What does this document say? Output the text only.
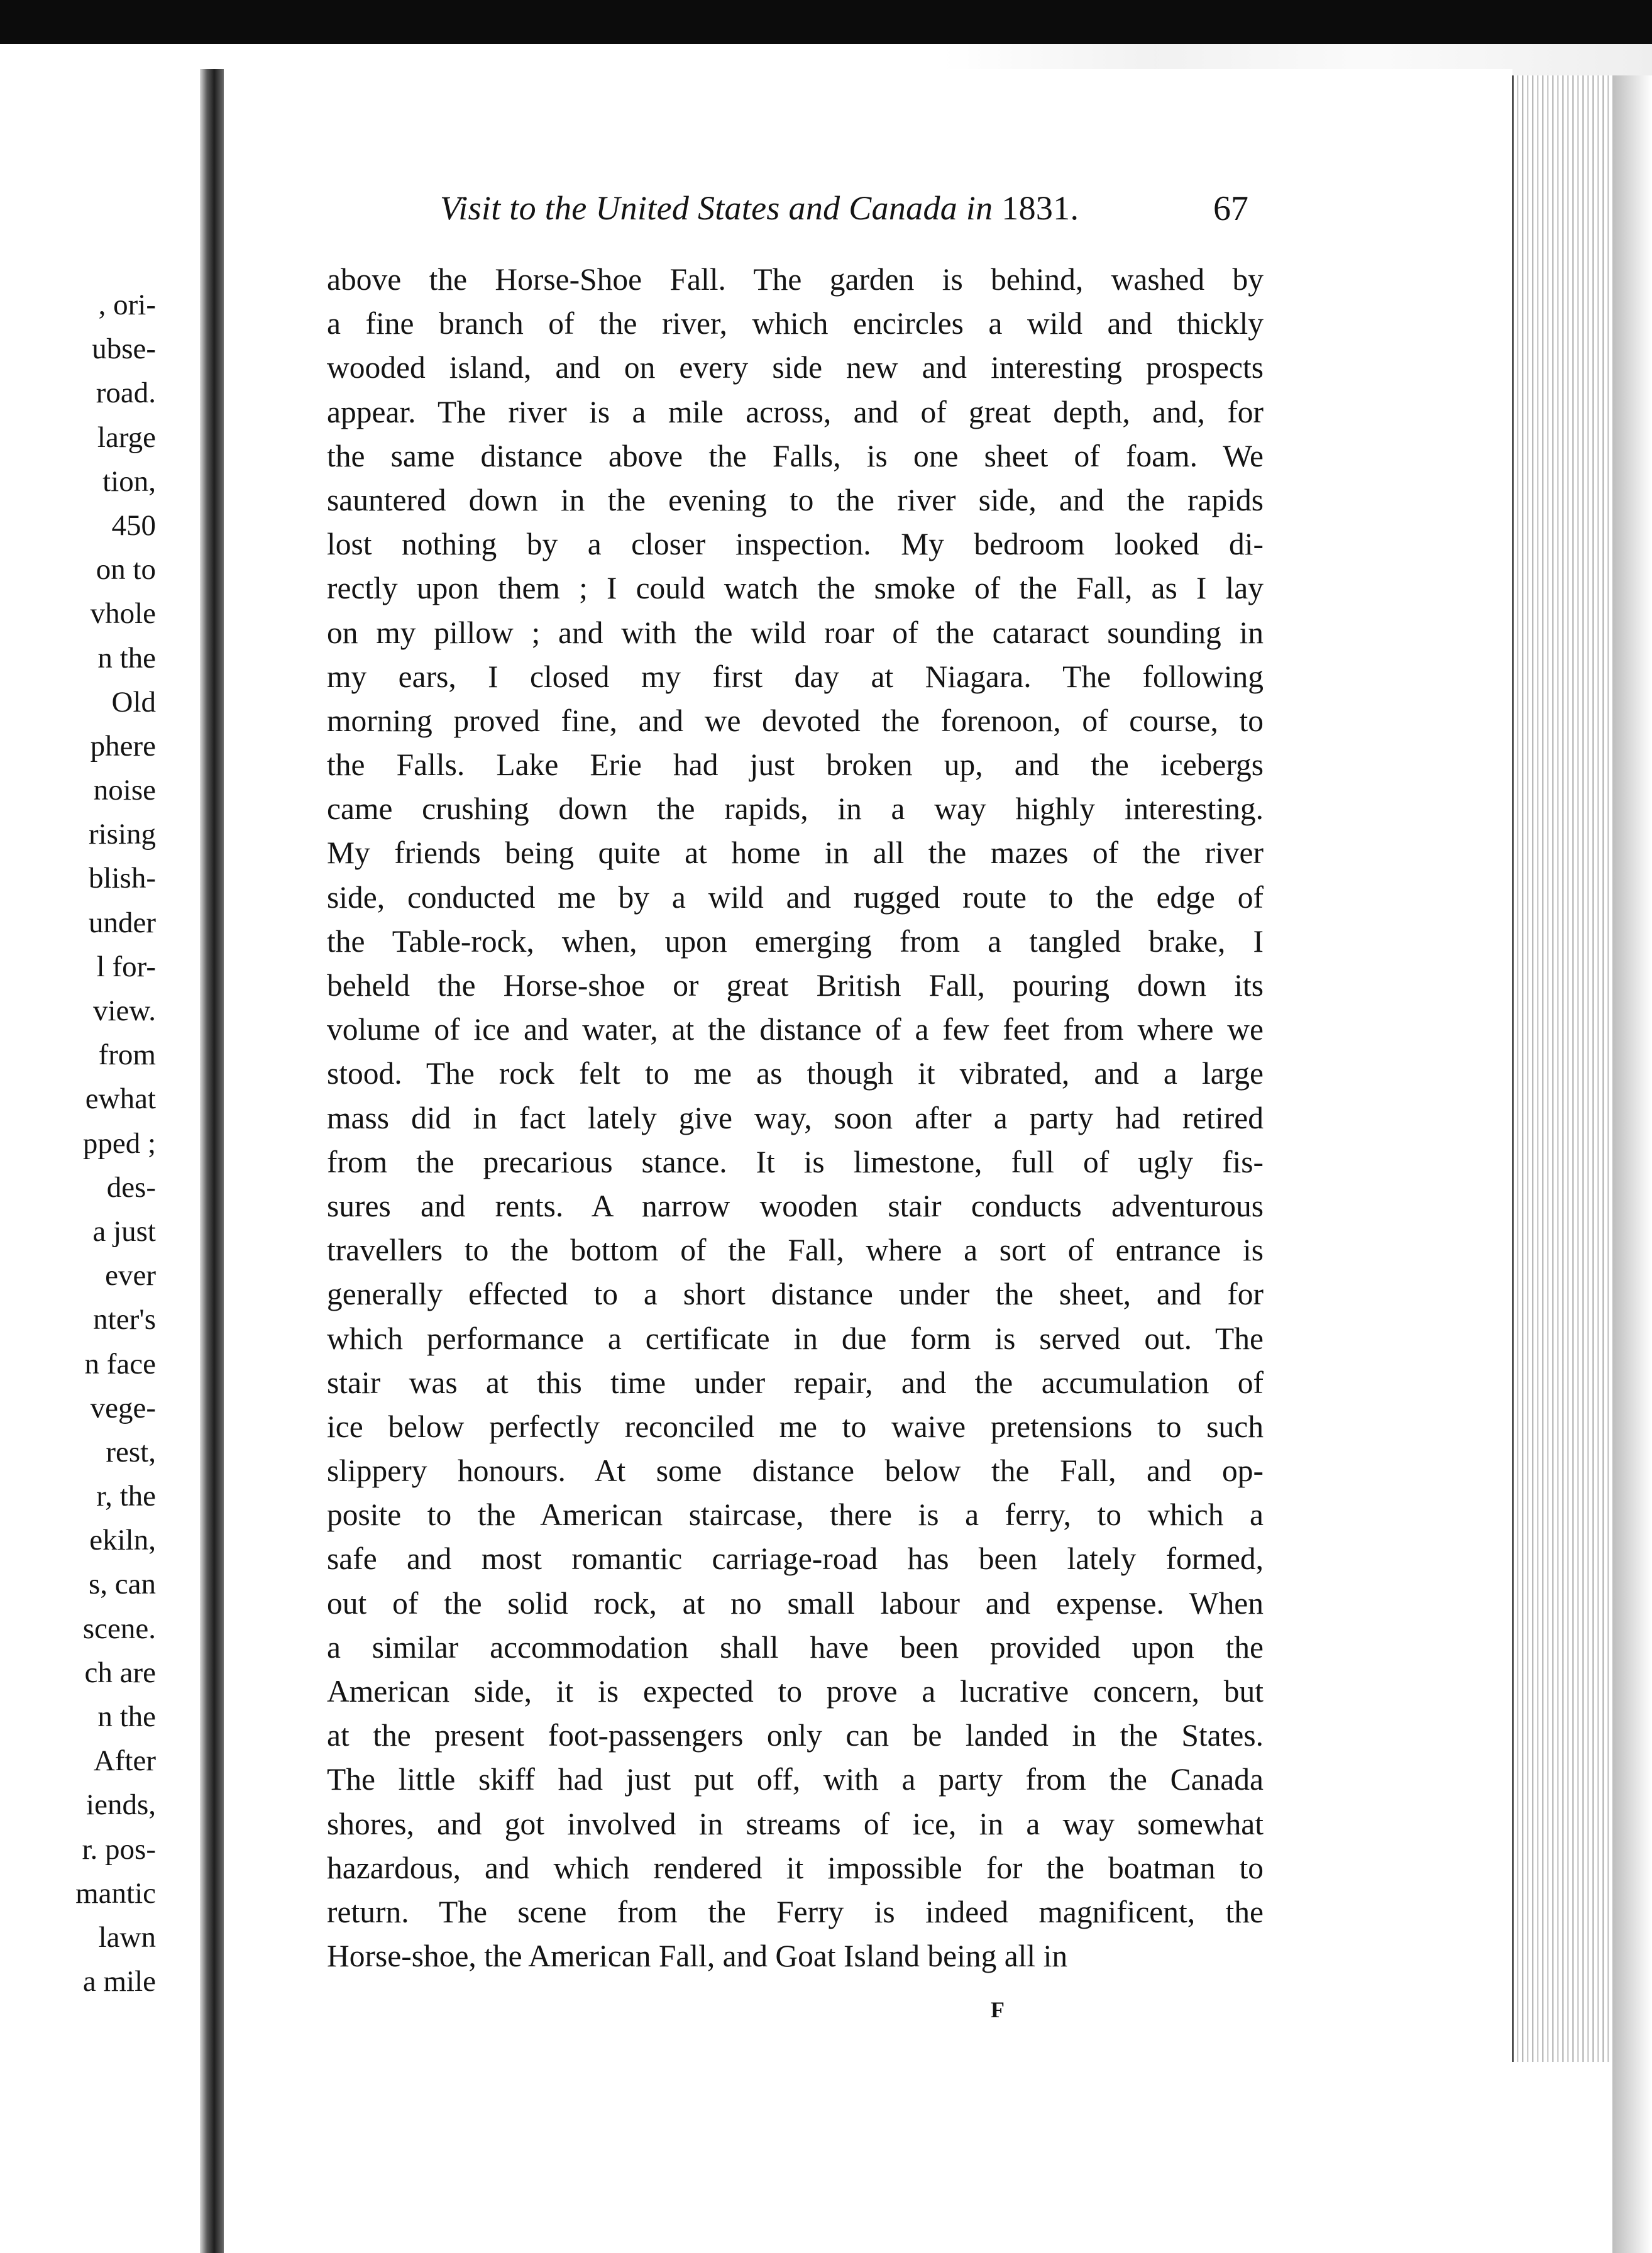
, ori-
ubse-
road.
large
tion,
450
on to
vhole
n the
Old
phere
noise
rising
blish-
under
l for-
view.
from
ewhat
pped ;
des-
a just
ever
nter's
n face
vege-
rest,
r, the
ekiln,
s, can
scene.
ch are
n the
After
iends,
r. pos-
mantic
lawn
a mile
Visit to the United States and Canada in 1831.	67
above the Horse-Shoe Fall. The garden is behind, washed by
a fine branch of the river, which encircles a wild and thickly
wooded island, and on every side new and interesting prospects
appear. The river is a mile across, and of great depth, and, for
the same distance above the Falls, is one sheet of foam. We
sauntered down in the evening to the river side, and the rapids
lost nothing by a closer inspection. My bedroom looked di-
rectly upon them ; I could watch the smoke of the Fall, as I lay
on my pillow ; and with the wild roar of the cataract sounding in
my ears, I closed my first day at Niagara. The following
morning proved fine, and we devoted the forenoon, of course, to
the Falls. Lake Erie had just broken up, and the icebergs
came crushing down the rapids, in a way highly interesting.
My friends being quite at home in all the mazes of the river
side, conducted me by a wild and rugged route to the edge of
the Table-rock, when, upon emerging from a tangled brake, I
beheld the Horse-shoe or great British Fall, pouring down its
volume of ice and water, at the distance of a few feet from where we
stood. The rock felt to me as though it vibrated, and a large
mass did in fact lately give way, soon after a party had retired
from the precarious stance. It is limestone, full of ugly fis-
sures and rents. A narrow wooden stair conducts adventurous
travellers to the bottom of the Fall, where a sort of entrance is
generally effected to a short distance under the sheet, and for
which performance a certificate in due form is served out. The
stair was at this time under repair, and the accumulation of
ice below perfectly reconciled me to waive pretensions to such
slippery honours. At some distance below the Fall, and op-
posite to the American staircase, there is a ferry, to which a
safe and most romantic carriage-road has been lately formed,
out of the solid rock, at no small labour and expense. When
a similar accommodation shall have been provided upon the
American side, it is expected to prove a lucrative concern, but
at the present foot-passengers only can be landed in the States.
The little skiff had just put off, with a party from the Canada
shores, and got involved in streams of ice, in a way somewhat
hazardous, and which rendered it impossible for the boatman to
return. The scene from the Ferry is indeed magnificent, the
Horse-shoe, the American Fall, and Goat Island being all in
F
